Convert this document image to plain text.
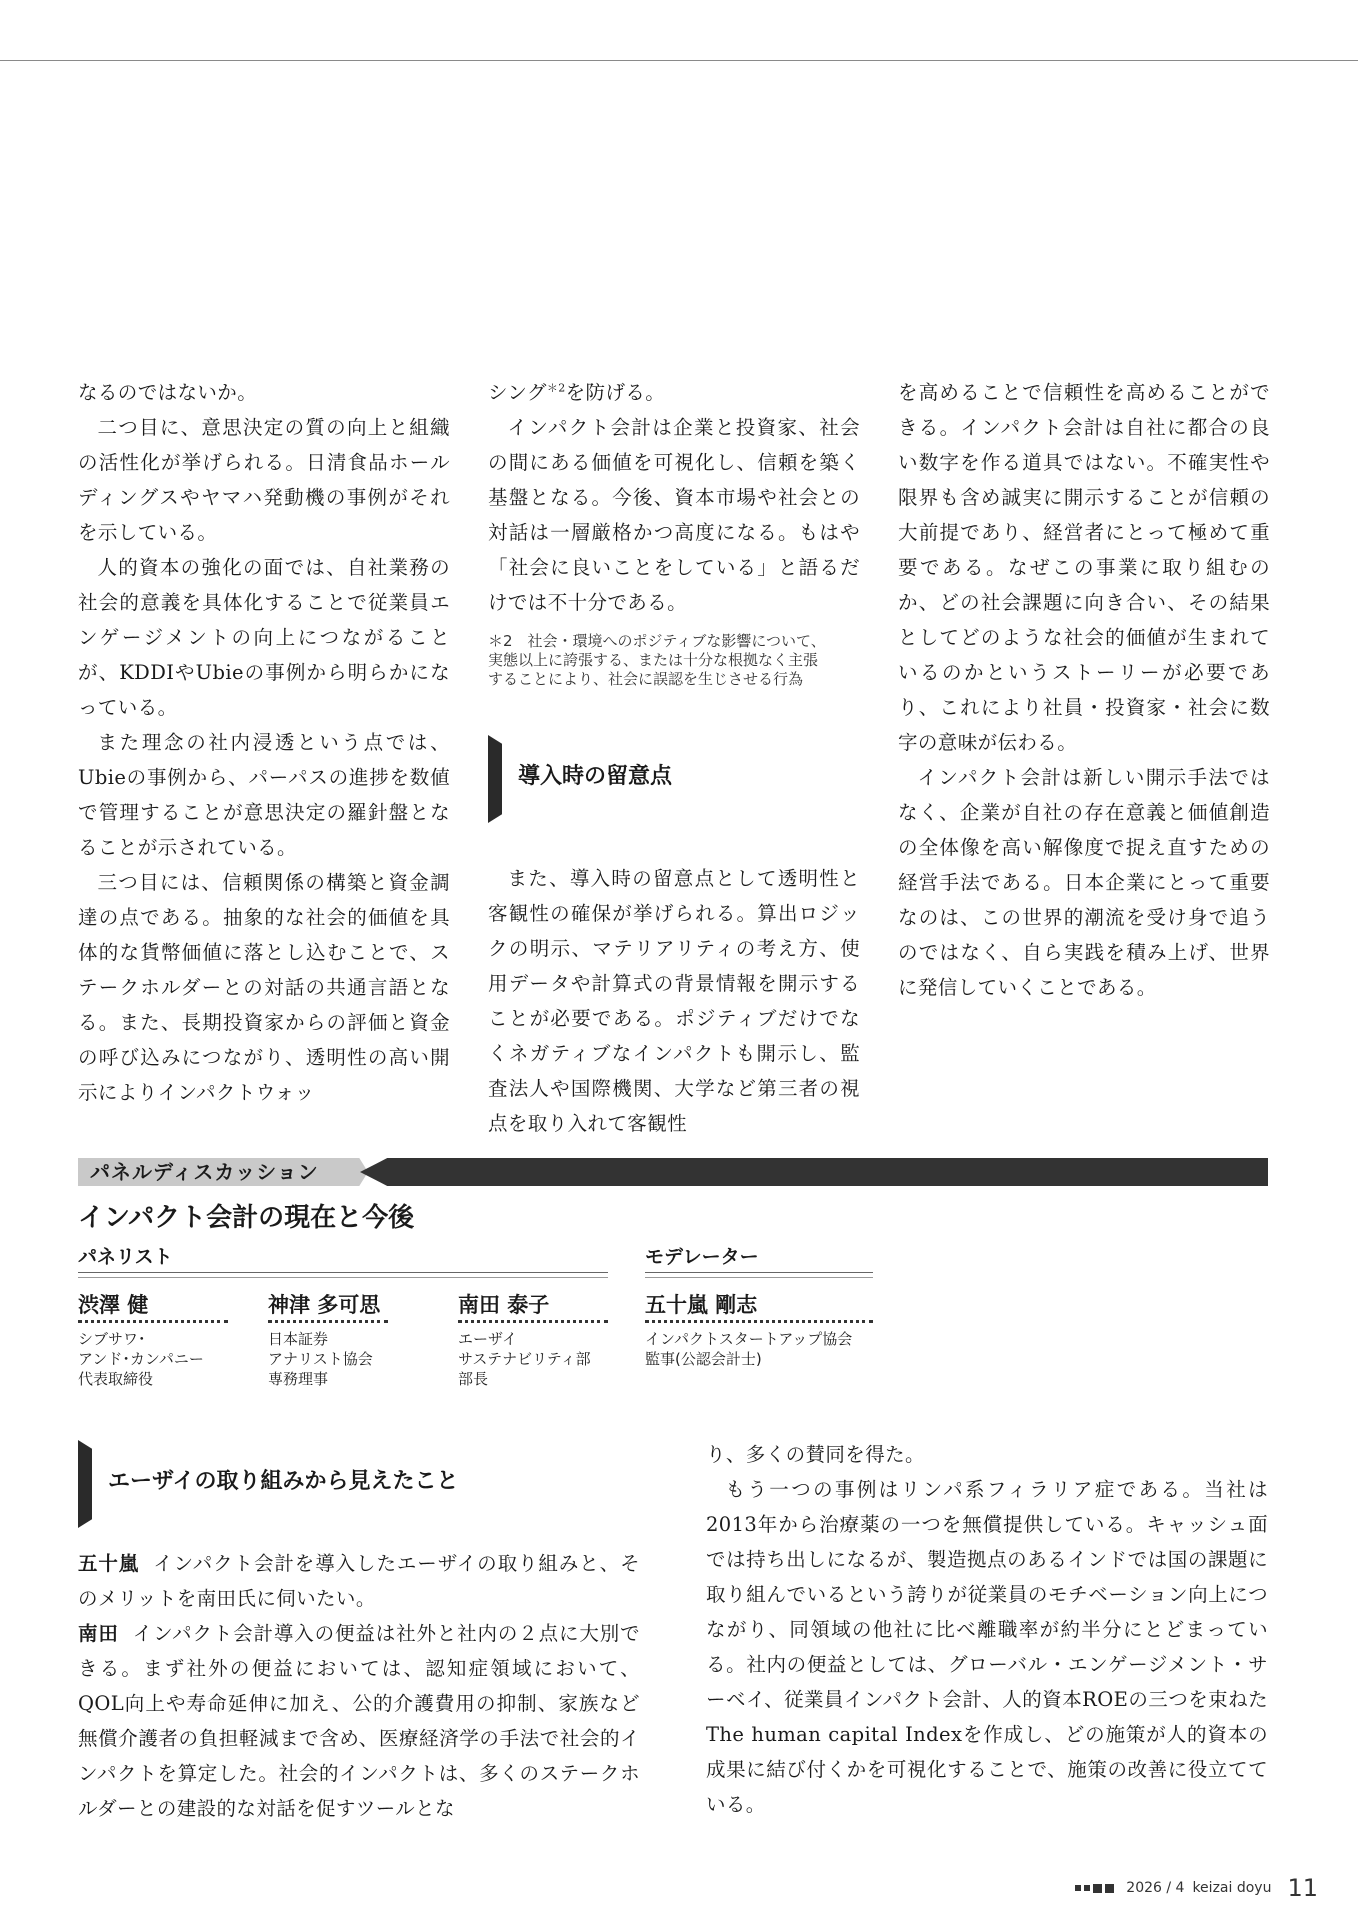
なるのではないか。

二つ目に、意思決定の質の向上と組織の活性化が挙げられる。日清食品ホールディングスやヤマハ発動機の事例がそれを示している。

人的資本の強化の面では、自社業務の社会的意義を具体化することで従業員エンゲージメントの向上につながることが、KDDIやUbieの事例から明らかになっている。

また理念の社内浸透という点では、Ubieの事例から、パーパスの進捗を数値で管理することが意思決定の羅針盤となることが示されている。

三つ目には、信頼関係の構築と資金調達の点である。抽象的な社会的価値を具体的な貨幣価値に落とし込むことで、ステークホルダーとの対話の共通言語となる。また、長期投資家からの評価と資金の呼び込みにつながり、透明性の高い開示によりインパクトウォッ

シング$^{*2}$を防げる。

インパクト会計は企業と投資家、社会の間にある価値を可視化し、信頼を築く基盤となる。今後、資本市場や社会との対話は一層厳格かつ高度になる。もはや「社会に良いことをしている」と語るだけでは不十分である。

＊2　社会・環境へのポジティブな影響について、
実態以上に誇張する、または十分な根拠なく主張
することにより、社会に誤認を生じさせる行為
導入時の留意点

また、導入時の留意点として透明性と客観性の確保が挙げられる。算出ロジックの明示、マテリアリティの考え方、使用データや計算式の背景情報を開示することが必要である。ポジティブだけでなくネガティブなインパクトも開示し、監査法人や国際機関、大学など第三者の視点を取り入れて客観性

を高めることで信頼性を高めることができる。インパクト会計は自社に都合の良い数字を作る道具ではない。不確実性や限界も含め誠実に開示することが信頼の大前提であり、経営者にとって極めて重要である。なぜこの事業に取り組むのか、どの社会課題に向き合い、その結果としてどのような社会的価値が生まれているのかというストーリーが必要であり、これにより社員・投資家・社会に数字の意味が伝わる。

インパクト会計は新しい開示手法ではなく、企業が自社の存在意義と価値創造の全体像を高い解像度で捉え直すための経営手法である。日本企業にとって重要なのは、この世界的潮流を受け身で追うのではなく、自ら実践を積み上げ、世界に発信していくことである。

パネルディスカッション
インパクト会計の現在と今後
パネリスト	モデレーター
渋澤 健
シブサワ･
アンド･カンパニー
代表取締役
神津 多可思
日本証券
アナリスト協会
専務理事
南田 泰子
エーザイ
サステナビリティ部
部長
五十嵐 剛志
インパクトスタートアップ協会
監事(公認会計士)
エーザイの取り組みから見えたこと

五十嵐 インパクト会計を導入したエーザイの取り組みと、そのメリットを南田氏に伺いたい。

南田 インパクト会計導入の便益は社外と社内の２点に大別できる。まず社外の便益においては、認知症領域において、QOL向上や寿命延伸に加え、公的介護費用の抑制、家族など無償介護者の負担軽減まで含め、医療経済学の手法で社会的インパクトを算定した。社会的インパクトは、多くのステークホルダーとの建設的な対話を促すツールとな

り、多くの賛同を得た。

もう一つの事例はリンパ系フィラリア症である。当社は2013年から治療薬の一つを無償提供している。キャッシュ面では持ち出しになるが、製造拠点のあるインドでは国の課題に取り組んでいるという誇りが従業員のモチベーション向上につながり、同領域の他社に比べ離職率が約半分にとどまっている。社内の便益としては、グローバル・エンゲージメント・サーベイ、従業員インパクト会計、人的資本ROEの三つを束ねたThe human capital Indexを作成し、どの施策が人的資本の成果に結び付くかを可視化することで、施策の改善に役立てている。

2026 / 4 keizai doyu 11
